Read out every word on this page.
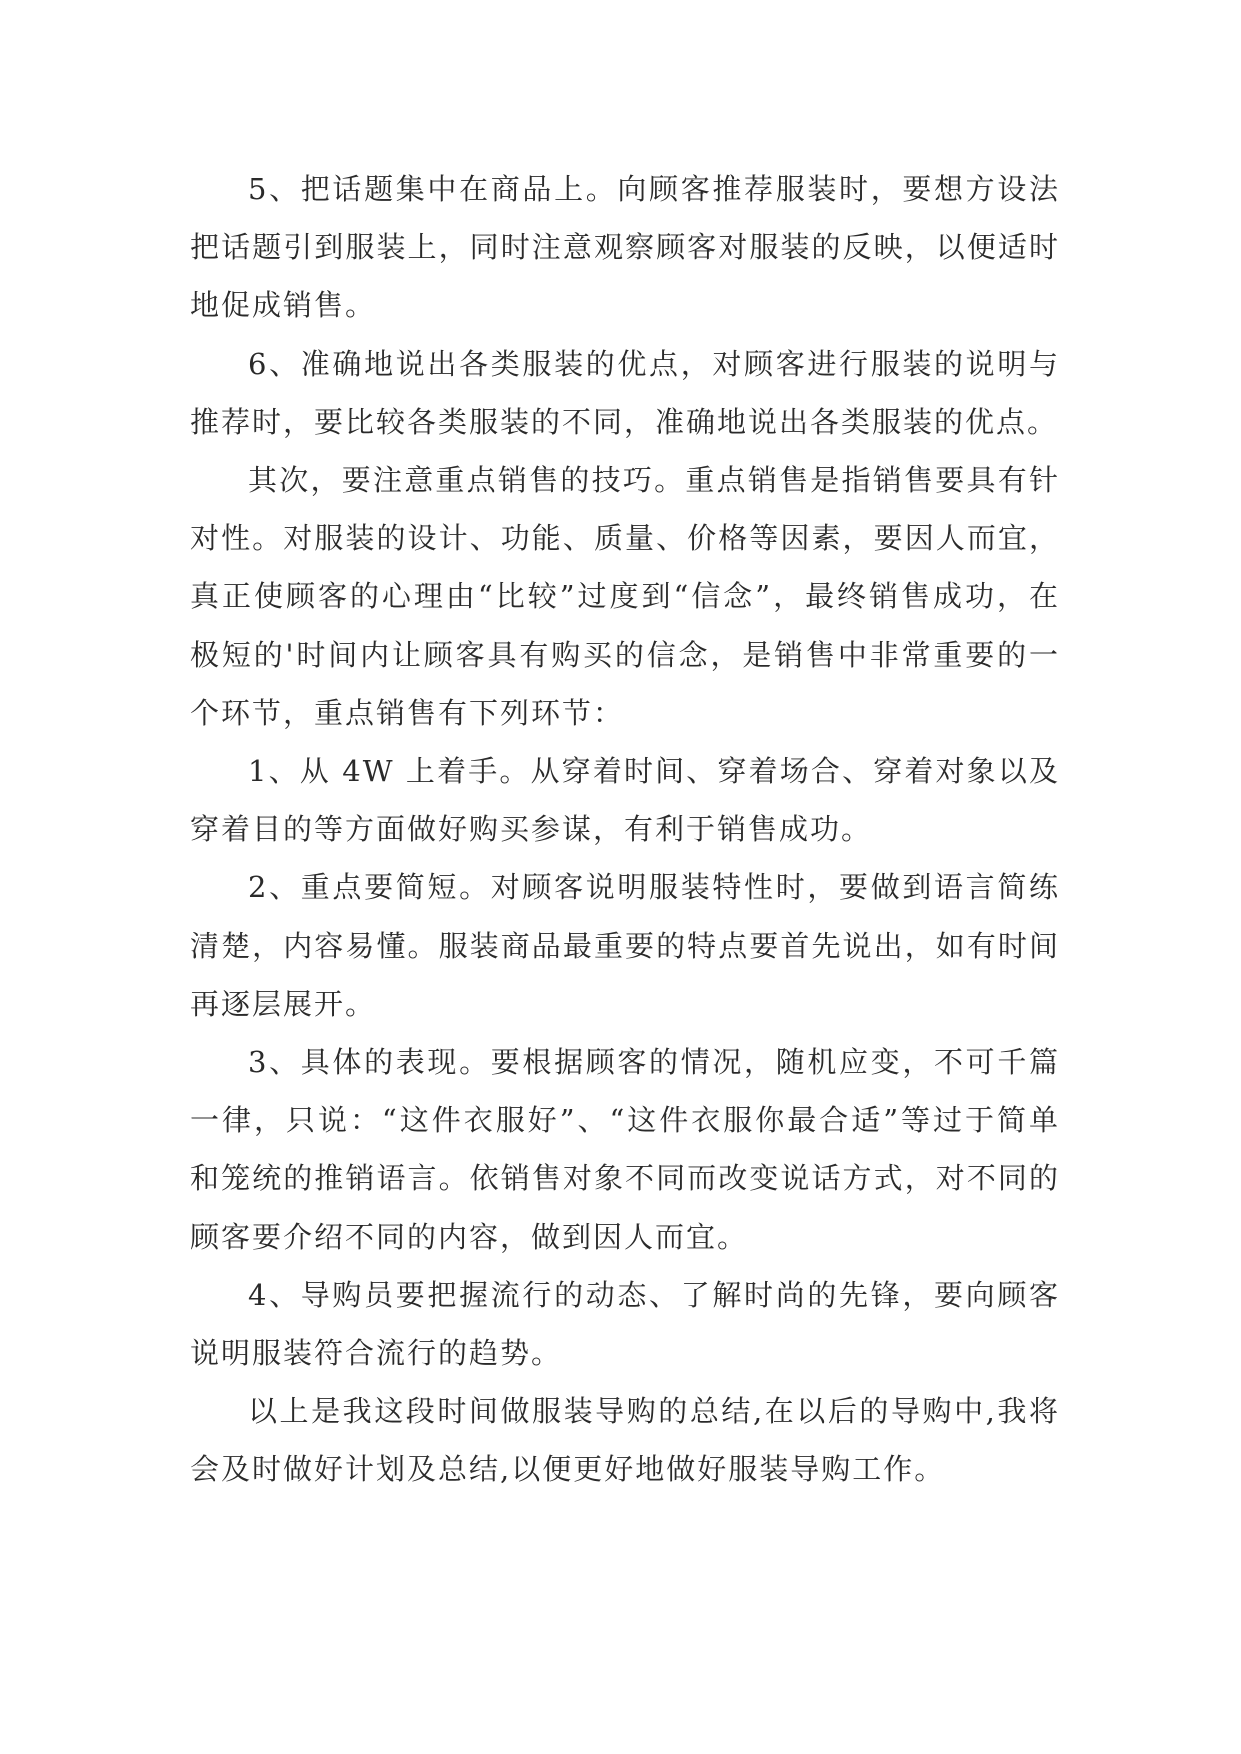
5、把话题集中在商品上。向顾客推荐服装时，要想方设法把话题引到服装上，同时注意观察顾客对服装的反映，以便适时地促成销售。

6、准确地说出各类服装的优点，对顾客进行服装的说明与推荐时，要比较各类服装的不同，准确地说出各类服装的优点。

其次，要注意重点销售的技巧。重点销售是指销售要具有针对性。对服装的设计、功能、质量、价格等因素，要因人而宜，真正使顾客的心理由“比较”过度到“信念”，最终销售成功，在极短的'时间内让顾客具有购买的信念，是销售中非常重要的一个环节，重点销售有下列环节：

1、从 4W 上着手。从穿着时间、穿着场合、穿着对象以及穿着目的等方面做好购买参谋，有利于销售成功。

2、重点要简短。对顾客说明服装特性时，要做到语言简练清楚，内容易懂。服装商品最重要的特点要首先说出，如有时间再逐层展开。

3、具体的表现。要根据顾客的情况，随机应变，不可千篇一律，只说：“这件衣服好”、“这件衣服你最合适”等过于简单和笼统的推销语言。依销售对象不同而改变说话方式，对不同的顾客要介绍不同的内容，做到因人而宜。

4、导购员要把握流行的动态、了解时尚的先锋，要向顾客说明服装符合流行的趋势。

以上是我这段时间做服装导购的总结,在以后的导购中,我将会及时做好计划及总结,以便更好地做好服装导购工作。
